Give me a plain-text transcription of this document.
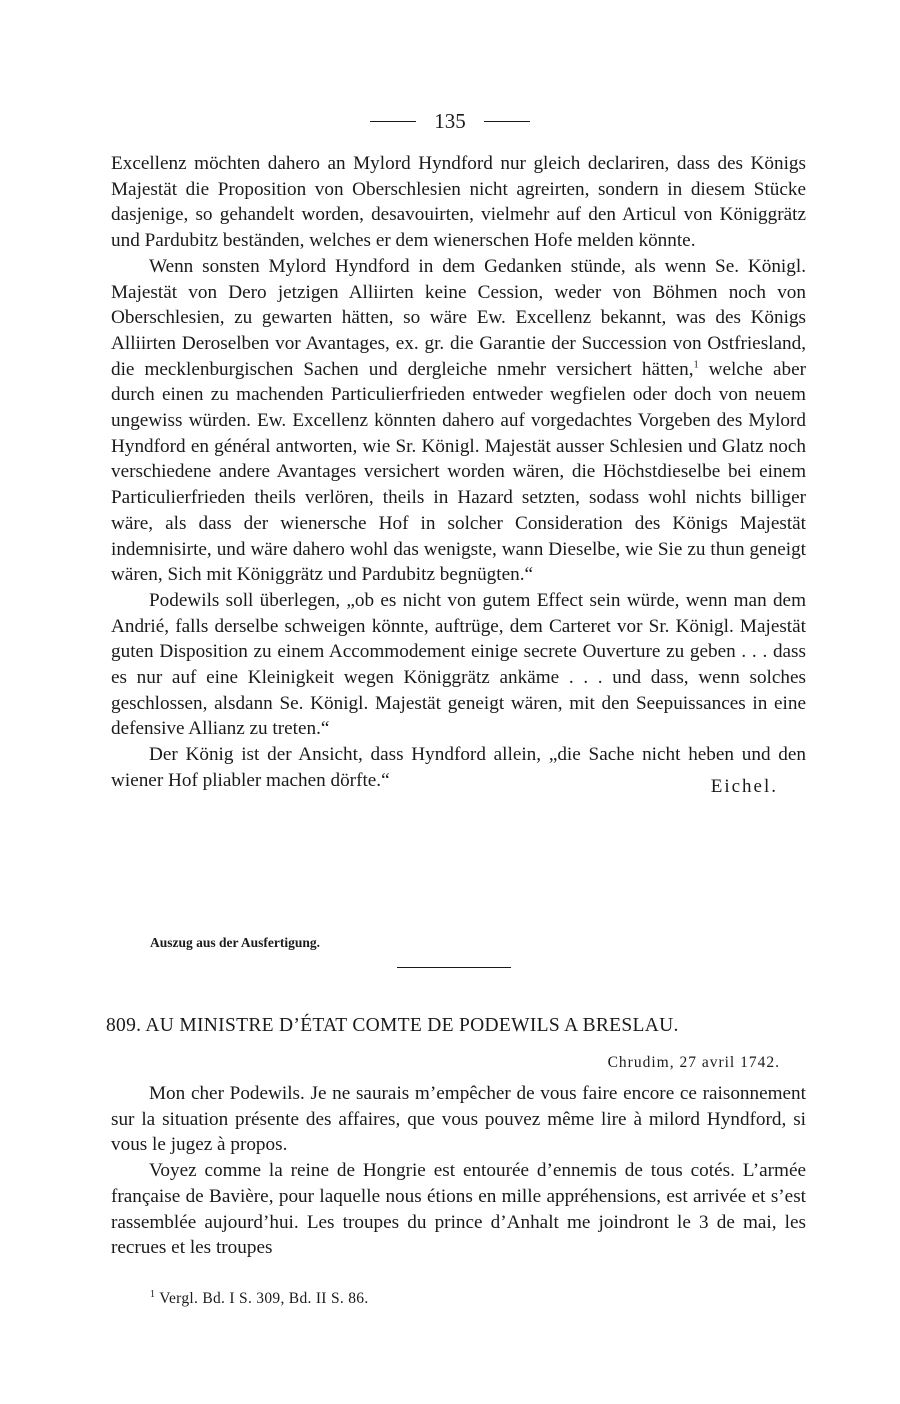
135

Excellenz möchten dahero an Mylord Hyndford nur gleich declariren, dass des Königs Majestät die Proposition von Oberschlesien nicht agreirten, sondern in diesem Stücke dasjenige, so gehandelt worden, desavouirten, vielmehr auf den Articul von Königgrätz und Pardubitz beständen, welches er dem wienerschen Hofe melden könnte.

Wenn sonsten Mylord Hyndford in dem Gedanken stünde, als wenn Se. Königl. Majestät von Dero jetzigen Alliirten keine Cession, weder von Böhmen noch von Oberschlesien, zu gewarten hätten, so wäre Ew. Excellenz bekannt, was des Königs Alliirten Deroselben vor Avantages, ex. gr. die Garantie der Succession von Ostfriesland, die mecklenburgischen Sachen und dergleiche nmehr versichert hätten,$^1$ welche aber durch einen zu machenden Particulierfrieden entweder wegfielen oder doch von neuem ungewiss würden. Ew. Excellenz könnten dahero auf vorgedachtes Vorgeben des Mylord Hyndford en général antworten, wie Sr. Königl. Majestät ausser Schlesien und Glatz noch verschiedene andere Avantages versichert worden wären, die Höchstdieselbe bei einem Particulierfrieden theils verlören, theils in Hazard setzten, sodass wohl nichts billiger wäre, als dass der wienersche Hof in solcher Consideration des Königs Majestät indemnisirte, und wäre dahero wohl das wenigste, wann Dieselbe, wie Sie zu thun geneigt wären, Sich mit Königgrätz und Pardubitz begnügten.“

Podewils soll überlegen, „ob es nicht von gutem Effect sein würde, wenn man dem Andrié, falls derselbe schweigen könnte, auftrüge, dem Carteret vor Sr. Königl. Majestät guten Disposition zu einem Accommodement einige secrete Ouverture zu geben . . . dass es nur auf eine Kleinigkeit wegen Königgrätz ankäme . . . und dass, wenn solches geschlossen, alsdann Se. Königl. Majestät geneigt wären, mit den Seepuissances in eine defensive Allianz zu treten.“

Der König ist der Ansicht, dass Hyndford allein, „die Sache nicht heben und den wiener Hof pliabler machen dörfte.“	Eichel.
Auszug aus der Ausfertigung.
809. AU MINISTRE D’ÉTAT COMTE DE PODEWILS A BRESLAU.
Chrudim, 27 avril 1742.

Mon cher Podewils. Je ne saurais m’empêcher de vous faire encore ce raisonnement sur la situation présente des affaires, que vous pouvez même lire à milord Hyndford, si vous le jugez à propos.

Voyez comme la reine de Hongrie est entourée d’ennemis de tous cotés. L’armée française de Bavière, pour laquelle nous étions en mille appréhensions, est arrivée et s’est rassemblée aujourd’hui. Les troupes du prince d’Anhalt me joindront le 3 de mai, les recrues et les troupes

$^1$ Vergl. Bd. I S. 309, Bd. II S. 86.
